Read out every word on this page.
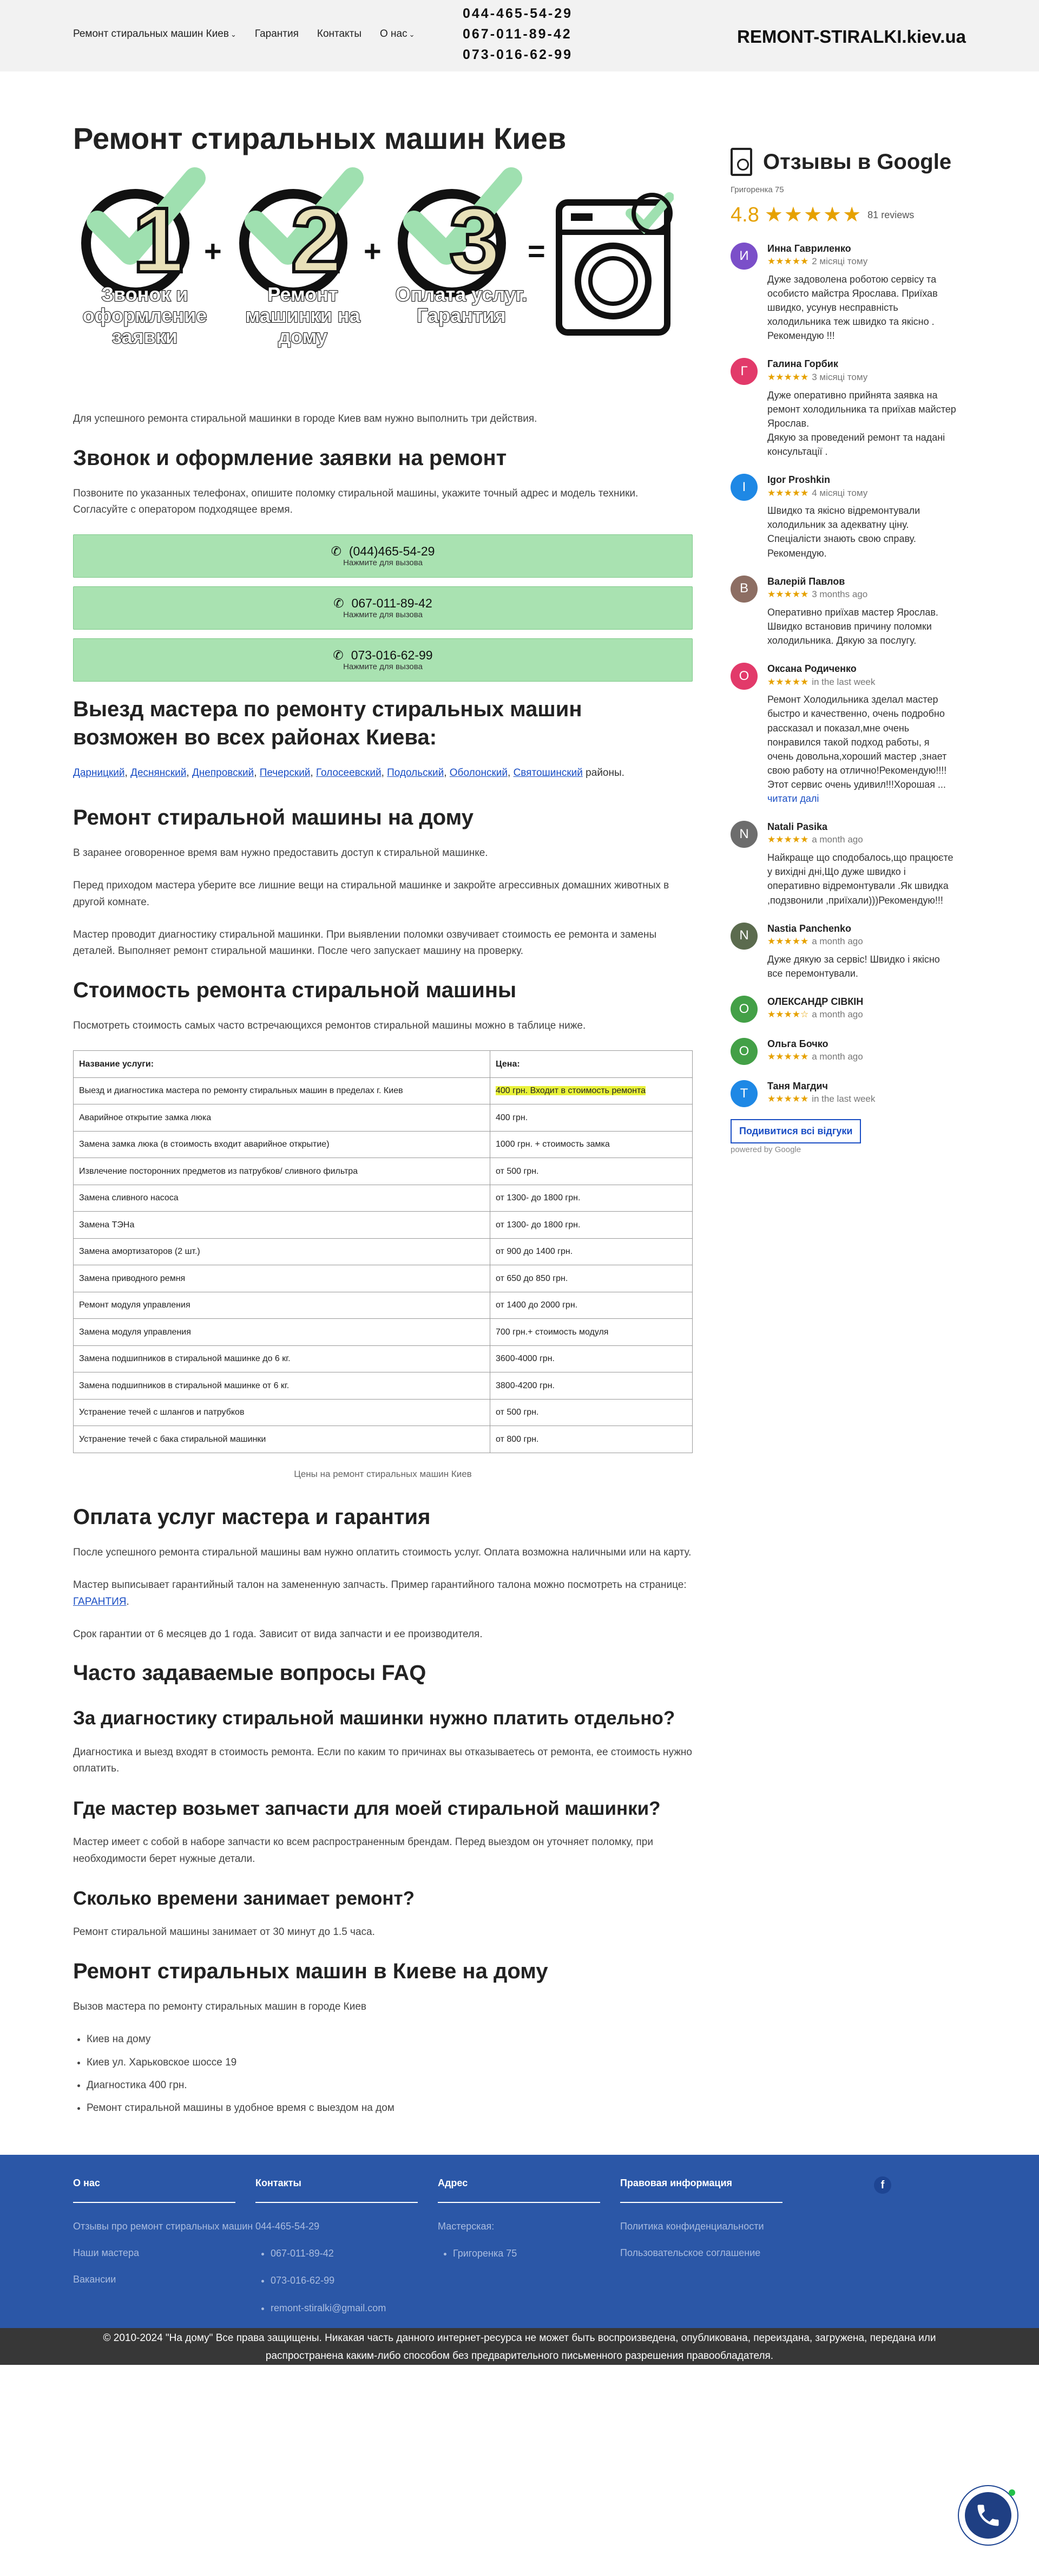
Ремонт стиральных машин Киев ⌄ Гарантия Контакты О нас ⌄
044-465-54-29
067-011-89-42
073-016-62-99
REMONT-STIRALKI.kiev.ua
Ремонт стиральных машин Киев
1
Звонок и оформление заявки
+ 2
Ремонт машинки на дому
+ 3
Оплата услуг. Гарантия
=

Для успешного ремонта стиральной машинки в городе Киев вам нужно выполнить три действия.

Звонок и оформление заявки на ремонт

Позвоните по указанных телефонах, опишите поломку стиральной машины, укажите точный адрес и модель техники. Согласуйте с оператором подходящее время.

✆ (044)465-54-29
Нажмите для вызова
✆ 067-011-89-42
Нажмите для вызова
✆ 073-016-62-99
Нажмите для вызова
Выезд мастера по ремонту стиральных машин возможен во всех районах Киева:
Дарницкий, Деснянский, Днепровский, Печерский, Голосеевский, Подольский, Оболонский, Святошинский районы.
Ремонт стиральной машины на дому

В заранее оговоренное время вам нужно предоставить доступ к стиральной машинке.

Перед приходом мастера уберите все лишние вещи на стиральной машинке и закройте агрессивных домашних животных в другой комнате.

Мастер проводит диагностику стиральной машинки. При выявлении поломки озвучивает стоимость ее ремонта и замены деталей. Выполняет ремонт стиральной машинки. После чего запускает машину на проверку.

Стоимость ремонта стиральной машины

Посмотреть стоимость самых часто встречающихся ремонтов стиральной машины можно в таблице ниже.

Название услуги:	Цена:
Выезд и диагностика мастера по ремонту стиральных машин в пределах г. Киев	400 грн. Входит в стоимость ремонта
Аварийное открытие замка люка	400 грн.
Замена замка люка (в стоимость входит аварийное открытие)	1000 грн. + стоимость замка
Извлечение посторонних предметов из патрубков/ сливного фильтра	от 500 грн.
Замена сливного насоса	от 1300- до 1800 грн.
Замена ТЭНа	от 1300- до 1800 грн.
Замена амортизаторов (2 шт.)	от 900 до 1400 грн.
Замена приводного ремня	от 650 до 850 грн.
Ремонт модуля управления	от 1400 до 2000 грн.
Замена модуля управления	700 грн.+ стоимость модуля
Замена подшипников в стиральной машинке до 6 кг.	3600-4000 грн.
Замена подшипников в стиральной машинке от 6 кг.	3800-4200 грн.
Устранение течей с шлангов и патрубков	от 500 грн.
Устранение течей с бака стиральной машинки	от 800 грн.
Цены на ремонт стиральных машин Киев
Оплата услуг мастера и гарантия

После успешного ремонта стиральной машины вам нужно оплатить стоимость услуг. Оплата возможна наличными или на карту.

Мастер выписывает гарантийный талон на замененную запчасть. Пример гарантийного талона можно посмотреть на странице: ГАРАНТИЯ.

Срок гарантии от 6 месяцев до 1 года. Зависит от вида запчасти и ее производителя.

Часто задаваемые вопросы FAQ
За диагностику стиральной машинки нужно платить отдельно?

Диагностика и выезд входят в стоимость ремонта. Если по каким то причинах вы отказываетесь от ремонта, ее стоимость нужно оплатить.

Где мастер возьмет запчасти для моей стиральной машинки?

Мастер имеет с собой в наборе запчасти ко всем распространенным брендам. Перед выездом он уточняет поломку, при необходимости берет нужные детали.

Сколько времени занимает ремонт?

Ремонт стиральной машины занимает от 30 минут до 1.5 часа.

Ремонт стиральных машин в Киеве на дому

Вызов мастера по ремонту стиральных машин в городе Киев

• Киев на дому
• Киев ул. Харьковское шоссе 19
• Диагностика 400 грн.
• Ремонт стиральной машины в удобное время с выездом на дом
Отзывы в Google
Григоренка 75
4.8 ★★★★★ 81 reviews
И	Инна Гавриленко
★★★★★ 2 місяці тому
Дуже задоволена роботою сервісу та особисто майстра Ярослава. Приїхав швидко, усунув несправність холодильника теж швидко та якісно . Рекомендую !!!
Г	Галина Горбик
★★★★★ 3 місяці тому
Дуже оперативно прийнята заявка на ремонт холодильника та приїхав майстер Ярослав.
Дякую за проведений ремонт та надані консультації .
I	Igor Proshkin
★★★★★ 4 місяці тому
Швидко та якісно відремонтували холодильник за адекватну ціну. Спеціалісти знають свою справу. Рекомендую.
В	Валерій Павлов
★★★★★ 3 months ago
Оперативно приїхав мастер Ярослав. Швидко встановив причину поломки холодильника. Дякую за послугу.
О	Оксана Родиченко
★★★★★ in the last week
Ремонт Холодильника зделал мастер быстро и качественно, очень подробно рассказал и показал,мне очень понравился такой подход работы, я очень довольна,хороший мастер ,знает свою работу на отлично!Рекомендую!!!!Этот сервис очень удивил!!!Хорошая ... читати далі
N	Natali Pasika
★★★★★ a month ago
Найкраще що сподобалось,що працюєте у вихідні дні,Що дуже швидко і оперативно відремонтували .Як швидка ,подзвонили ,приїхали)))Рекомендую!!!
N	Nastia Panchenko
★★★★★ a month ago
Дуже дякую за сервіс! Швидко і якісно все перемонтували.
О	ОЛЕКСАНДР СІВКІН
★★★★☆ a month ago
О	Ольга Бочко
★★★★★ a month ago
Т	Таня Магдич
★★★★★ in the last week
Подивитися всі відгуки
powered by Google
О нас
Отзывы про ремонт стиральных машин
Наши мастера
Вакансии
Контакты
044-465-54-29
• 067-011-89-42
• 073-016-62-99
• remont-stiralki@gmail.com
Адрес
Мастерская:
• Григоренка 75
Правовая информация
Политика конфиденциальности
Пользовательское соглашение
f
© 2010-2024 "На дому" Все права защищены. Никакая часть данного интернет-ресурса не может быть воспроизведена, опубликована, переиздана, загружена, передана или распространена каким-либо способом без предварительного письменного разрешения правообладателя.
